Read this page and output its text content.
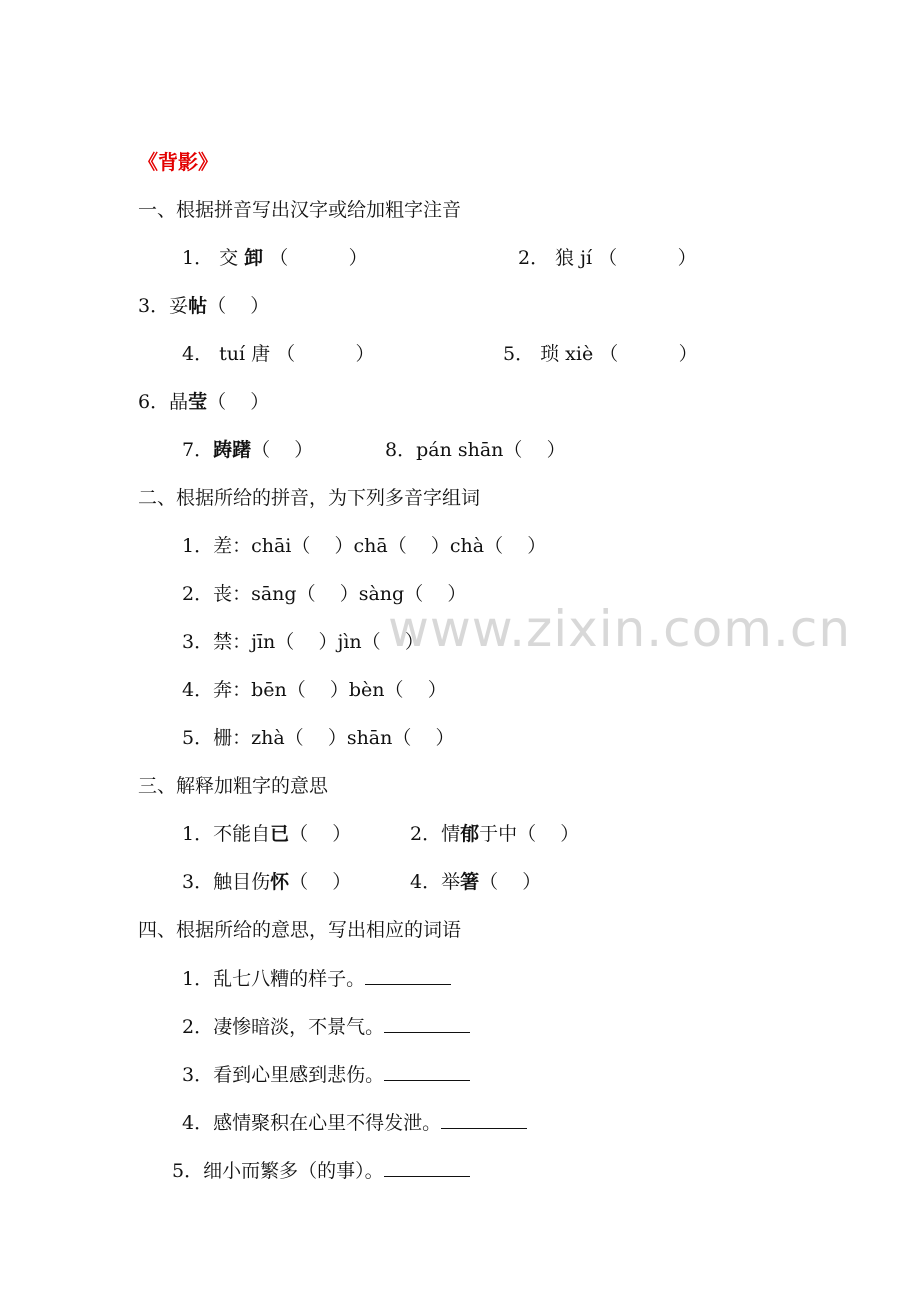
www.zixin.com.cn
《背影》
一、根据拼音写出汉字或给加粗字注音
1． 交 卸 （          ）	2． 狼 jí （          ）
3．妥帖（    ）
4． tuí 唐 （          ）	5． 琐 xiè （          ）
6．晶莹（    ）
7．踌躇（    ）	8．pán shān（    ）
二、根据所给的拼音，为下列多音字组词
1．差：chāi（    ）chā（    ）chà（    ）
2．丧：sāng（    ）sàng（    ）
3．禁：jīn（    ）jìn（    ）
4．奔：bēn（    ）bèn（    ）
5．栅：zhà（    ）shān（    ）
三、解释加粗字的意思
1．不能自已（    ）	2．情郁于中（    ）
3．触目伤怀（    ）	4．举箸（    ）
四、根据所给的意思，写出相应的词语
1．乱七八糟的样子。
2．凄惨暗淡，不景气。
3．看到心里感到悲伤。
4．感情聚积在心里不得发泄。
5．细小而繁多（的事）。
